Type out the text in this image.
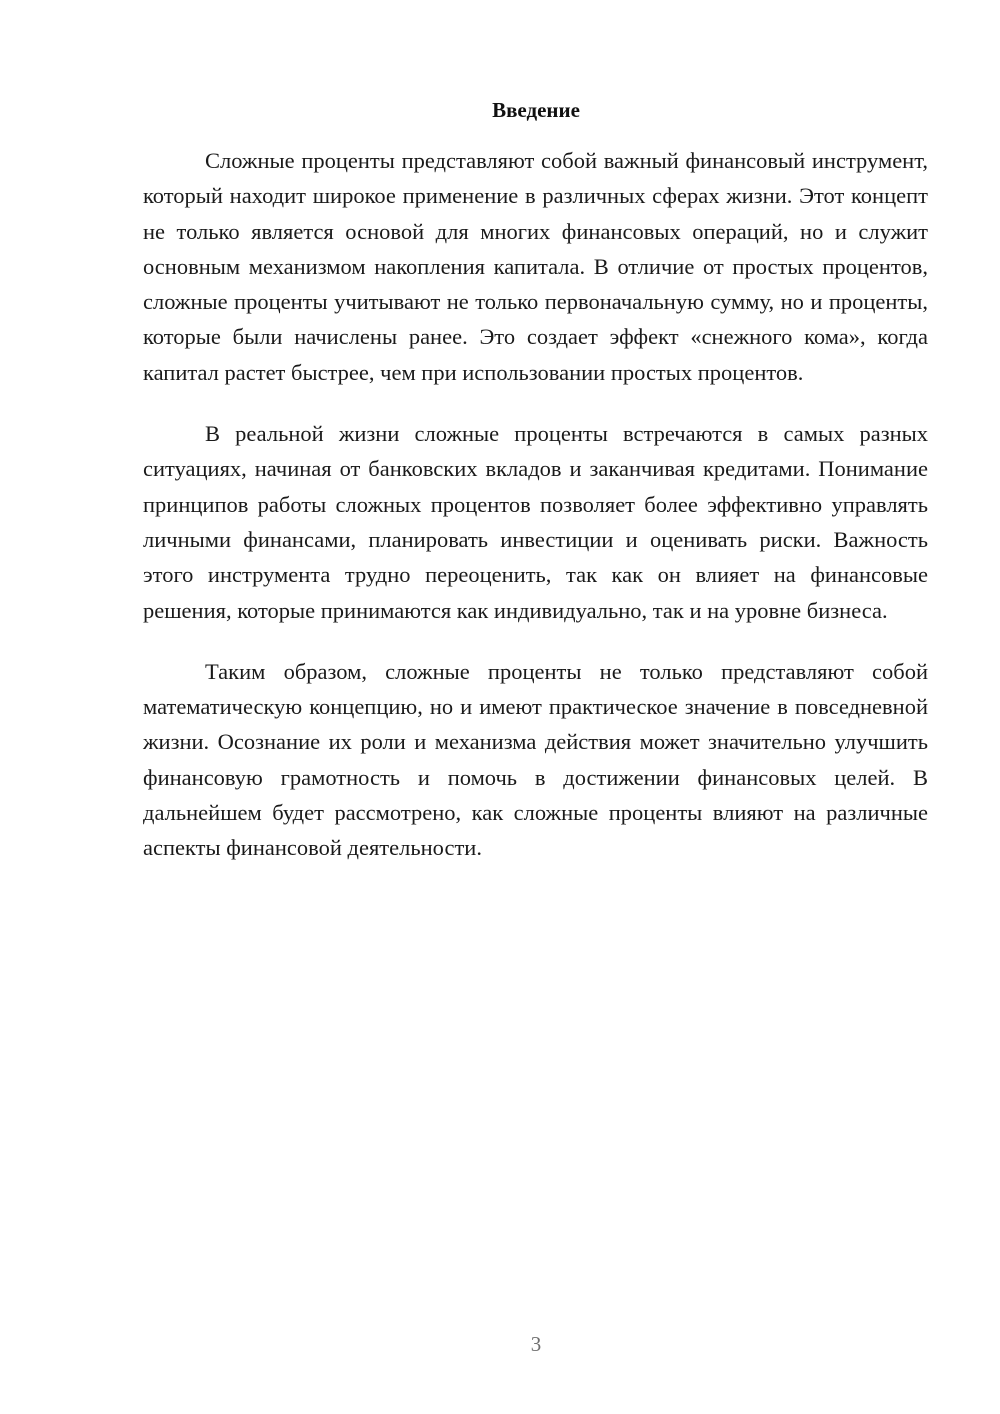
Введение

Сложные проценты представляют собой важный финансовый инструмент, который находит широкое применение в различных сферах жизни. Этот концепт не только является основой для многих финансовых операций, но и служит основным механизмом накопления капитала. В отличие от простых процентов, сложные проценты учитывают не только первоначальную сумму, но и проценты, которые были начислены ранее. Это создает эффект «снежного кома», когда капитал растет быстрее, чем при использовании простых процентов.

В реальной жизни сложные проценты встречаются в самых разных ситуациях, начиная от банковских вкладов и заканчивая кредитами. Понимание принципов работы сложных процентов позволяет более эффективно управлять личными финансами, планировать инвестиции и оценивать риски. Важность этого инструмента трудно переоценить, так как он влияет на финансовые решения, которые принимаются как индивидуально, так и на уровне бизнеса.

Таким образом, сложные проценты не только представляют собой математическую концепцию, но и имеют практическое значение в повседневной жизни. Осознание их роли и механизма действия может значительно улучшить финансовую грамотность и помочь в достижении финансовых целей. В дальнейшем будет рассмотрено, как сложные проценты влияют на различные аспекты финансовой деятельности.

3
